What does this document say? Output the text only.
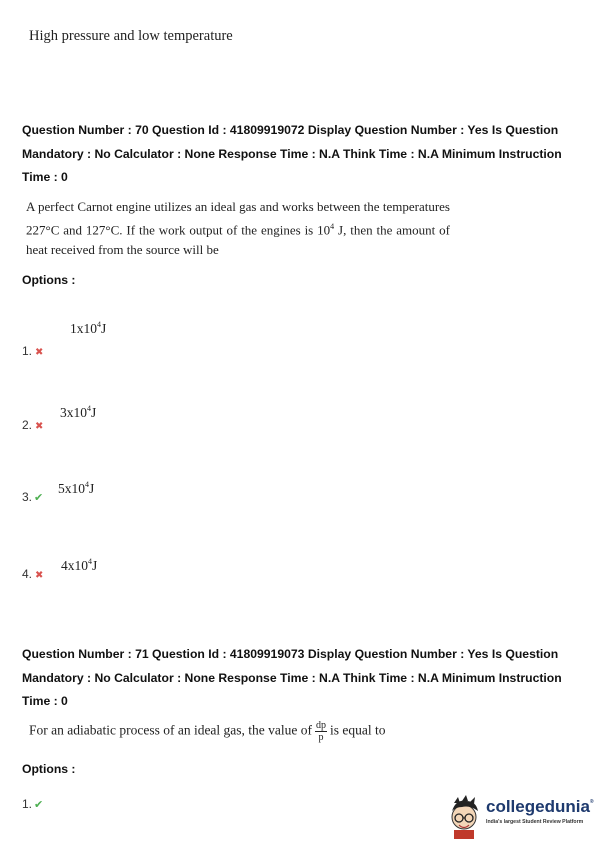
High pressure and low temperature
Question Number : 70 Question Id : 41809919072 Display Question Number : Yes Is Question
Mandatory : No Calculator : None Response Time : N.A Think Time : N.A Minimum Instruction
Time : 0
A perfect Carnot engine utilizes an ideal gas and works between the temperatures 227°C and 127°C. If the work output of the engines is $10^4$ J, then the amount of heat received from the source will be
Options :
$1x10^4J$
1. ✖
$3x10^4J$
2. ✖
$5x10^4J$
3. ✔
$4x10^4J$
4. ✖
Question Number : 71 Question Id : 41809919073 Display Question Number : Yes Is Question
Mandatory : No Calculator : None Response Time : N.A Think Time : N.A Minimum Instruction
Time : 0
For an adiabatic process of an ideal gas, the value of $\frac{dp}{p}$ is equal to
Options :
1. ✔	collegedunia®
India's largest Student Review Platform
